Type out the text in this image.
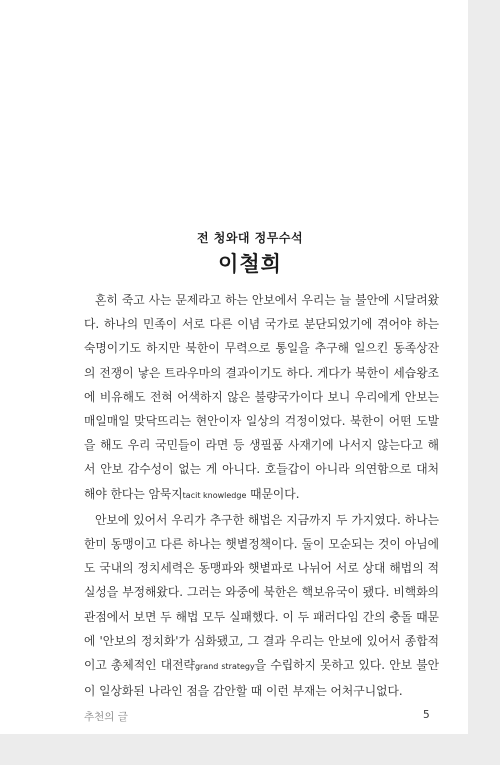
전 청와대 정무수석
이철희

혼히 죽고 사는 문제라고 하는 안보에서 우리는 늘 불안에 시달려왔다. 하나의 민족이 서로 다른 이념 국가로 분단되었기에 겪어야 하는 숙명이기도 하지만 북한이 무력으로 통일을 추구해 일으킨 동족상잔의 전쟁이 낳은 트라우마의 결과이기도 하다. 게다가 북한이 세습왕조에 비유해도 전혀 어색하지 않은 불량국가이다 보니 우리에게 안보는 매일매일 맞닥뜨리는 현안이자 일상의 걱정이었다. 북한이 어떤 도발을 해도 우리 국민들이 라면 등 생필품 사재기에 나서지 않는다고 해서 안보 감수성이 없는 게 아니다. 호들갑이 아니라 의연함으로 대처해야 한다는 암묵지tacit knowledge 때문이다.

안보에 있어서 우리가 추구한 해법은 지금까지 두 가지였다. 하나는 한미 동맹이고 다른 하나는 햇볕정책이다. 둘이 모순되는 것이 아님에도 국내의 정치세력은 동맹파와 햇볕파로 나뉘어 서로 상대 해법의 적실성을 부정해왔다. 그러는 와중에 북한은 핵보유국이 됐다. 비핵화의 관점에서 보면 두 해법 모두 실패했다. 이 두 패러다임 간의 충돌 때문에 '안보의 정치화'가 심화됐고, 그 결과 우리는 안보에 있어서 종합적이고 총체적인 대전략grand strategy을 수립하지 못하고 있다. 안보 불안이 일상화된 나라인 점을 감안할 때 이런 부재는 어처구니없다.

추천의 글	5
